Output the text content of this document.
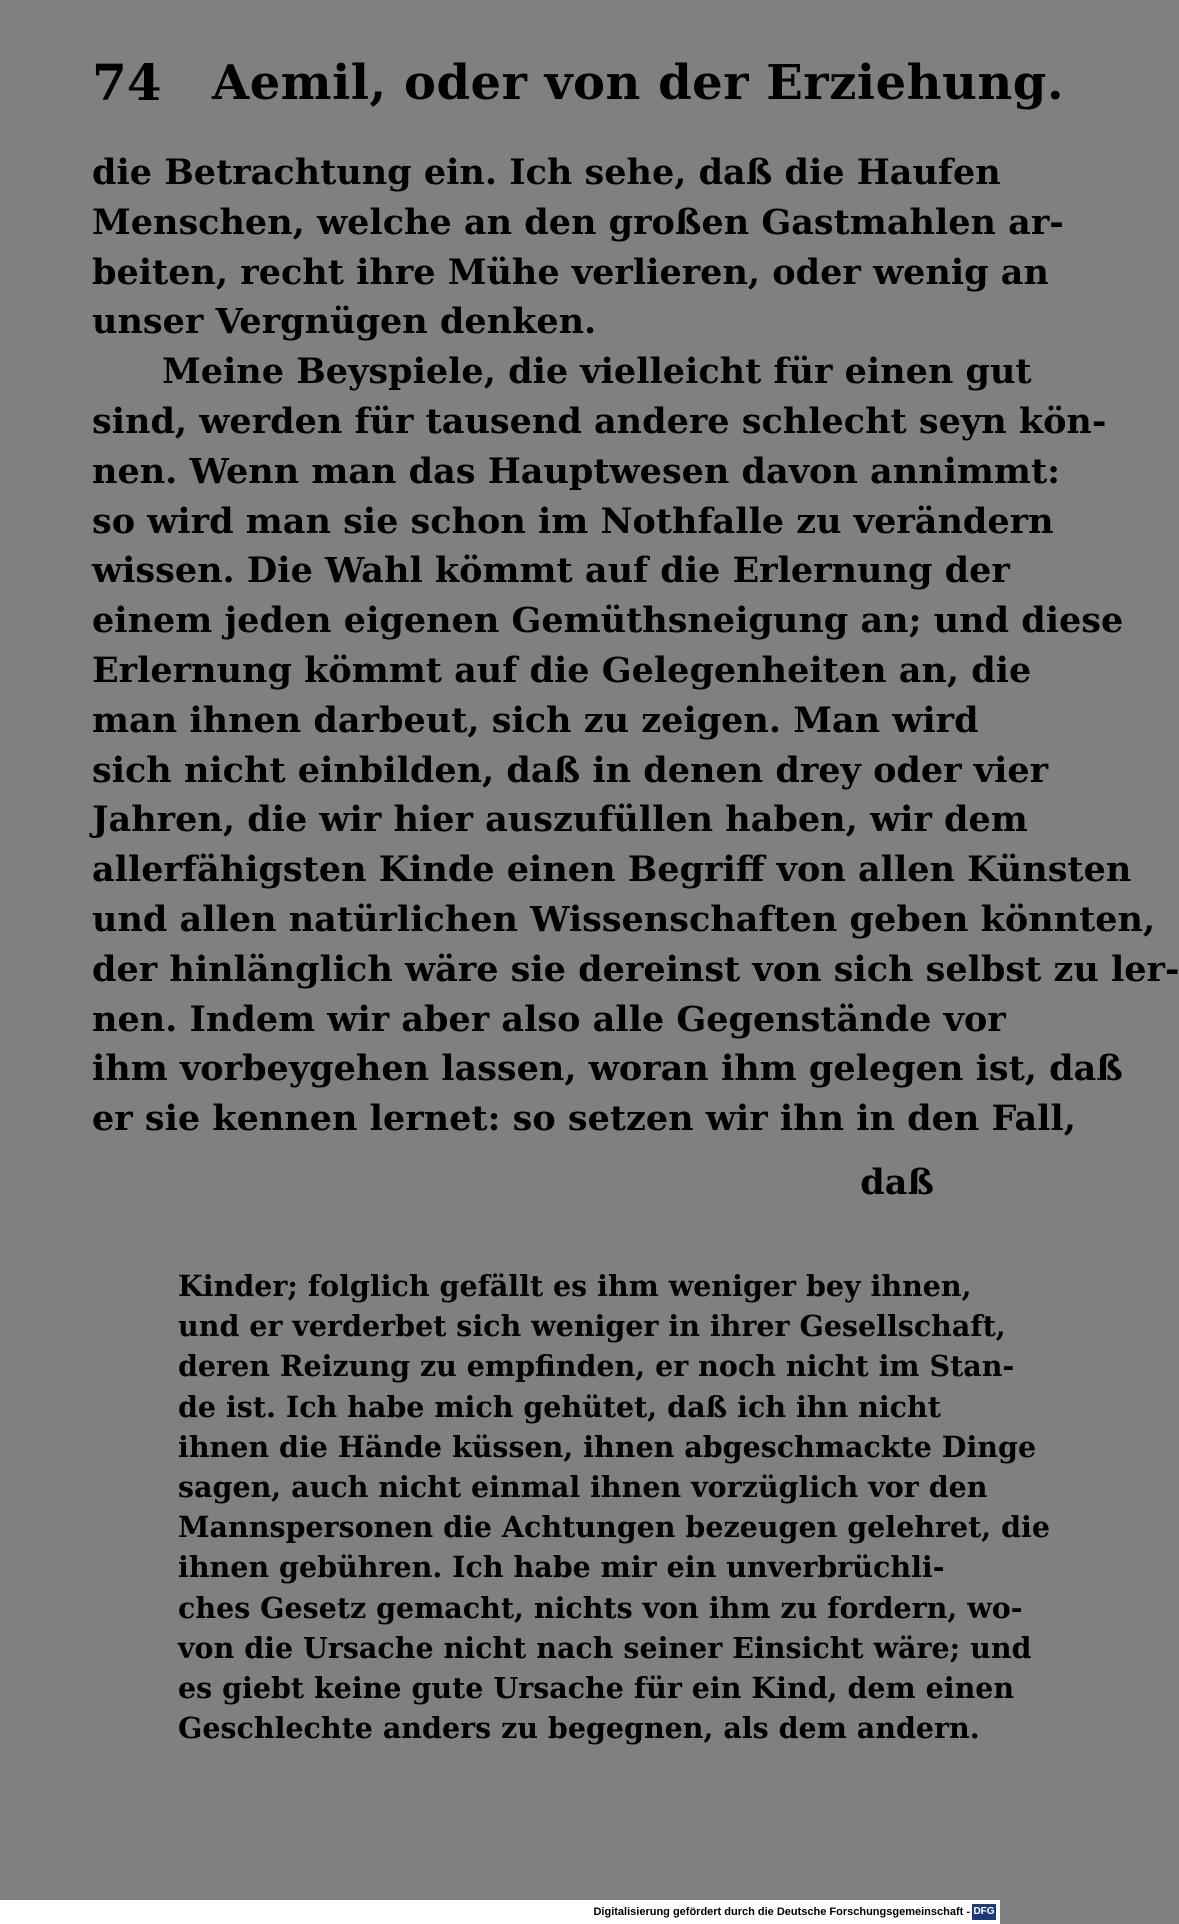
74 Aemil, oder von der Erziehung.
die Betrachtung ein. Ich sehe, daß die Haufen
Menschen, welche an den großen Gastmahlen ar-
beiten, recht ihre Mühe verlieren, oder wenig an
unser Vergnügen denken.
Meine Beyspiele, die vielleicht für einen gut
sind, werden für tausend andere schlecht seyn kön-
nen. Wenn man das Hauptwesen davon annimmt:
so wird man sie schon im Nothfalle zu verändern
wissen. Die Wahl kömmt auf die Erlernung der
einem jeden eigenen Gemüthsneigung an; und diese
Erlernung kömmt auf die Gelegenheiten an, die
man ihnen darbeut, sich zu zeigen. Man wird
sich nicht einbilden, daß in denen drey oder vier
Jahren, die wir hier auszufüllen haben, wir dem
allerfähigsten Kinde einen Begriff von allen Künsten
und allen natürlichen Wissenschaften geben könnten,
der hinlänglich wäre sie dereinst von sich selbst zu ler-
nen. Indem wir aber also alle Gegenstände vor
ihm vorbeygehen lassen, woran ihm gelegen ist, daß
er sie kennen lernet: so setzen wir ihn in den Fall,
daß
Kinder; folglich gefällt es ihm weniger bey ihnen,
und er verderbet sich weniger in ihrer Gesellschaft,
deren Reizung zu empfinden, er noch nicht im Stan-
de ist. Ich habe mich gehütet, daß ich ihn nicht
ihnen die Hände küssen, ihnen abgeschmackte Dinge
sagen, auch nicht einmal ihnen vorzüglich vor den
Mannspersonen die Achtungen bezeugen gelehret, die
ihnen gebühren. Ich habe mir ein unverbrüchli-
ches Gesetz gemacht, nichts von ihm zu fordern, wo-
von die Ursache nicht nach seiner Einsicht wäre; und
es giebt keine gute Ursache für ein Kind, dem einen
Geschlechte anders zu begegnen, als dem andern.
Digitalisierung gefördert durch die Deutsche Forschungsgemeinschaft - DFG
